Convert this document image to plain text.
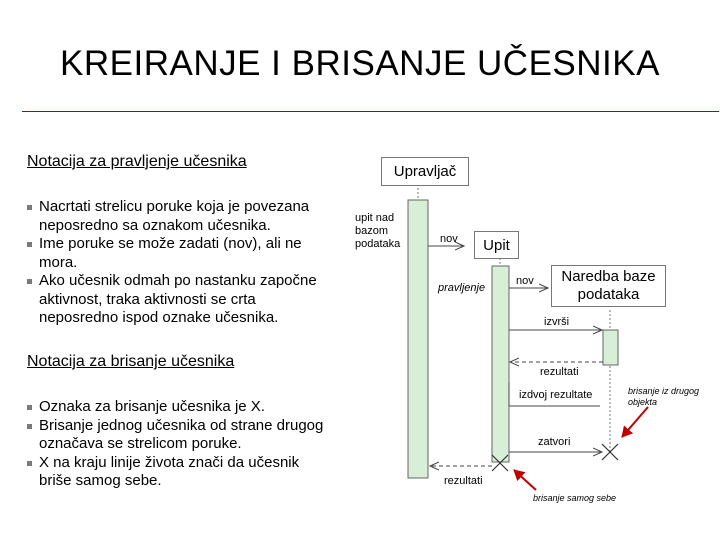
KREIRANJE I BRISANJE UČESNIKA
Notacija za pravljenje učesnika
Nacrtati strelicu poruke koja je povezana neposredno sa oznakom učesnika.
Ime poruke se može zadati (nov), ali ne mora.
Ako učesnik odmah po nastanku započne aktivnost, traka aktivnosti se crta neposredno ispod oznake učesnika.
Notacija za brisanje učesnika
Oznaka za brisanje učesnika je X.
Brisanje jednog učesnika od strane drugog označava se strelicom poruke.
X na kraju linije života znači da učesnik briše samog sebe.
Upravljač
Upit
Naredba baze podataka
upit nad bazom podataka	nov
pravljenje
nov
izvrši
rezultati
izdvoj rezultate
zatvori
rezultati
brisanje iz drugog objekta
brisanje samog sebe
